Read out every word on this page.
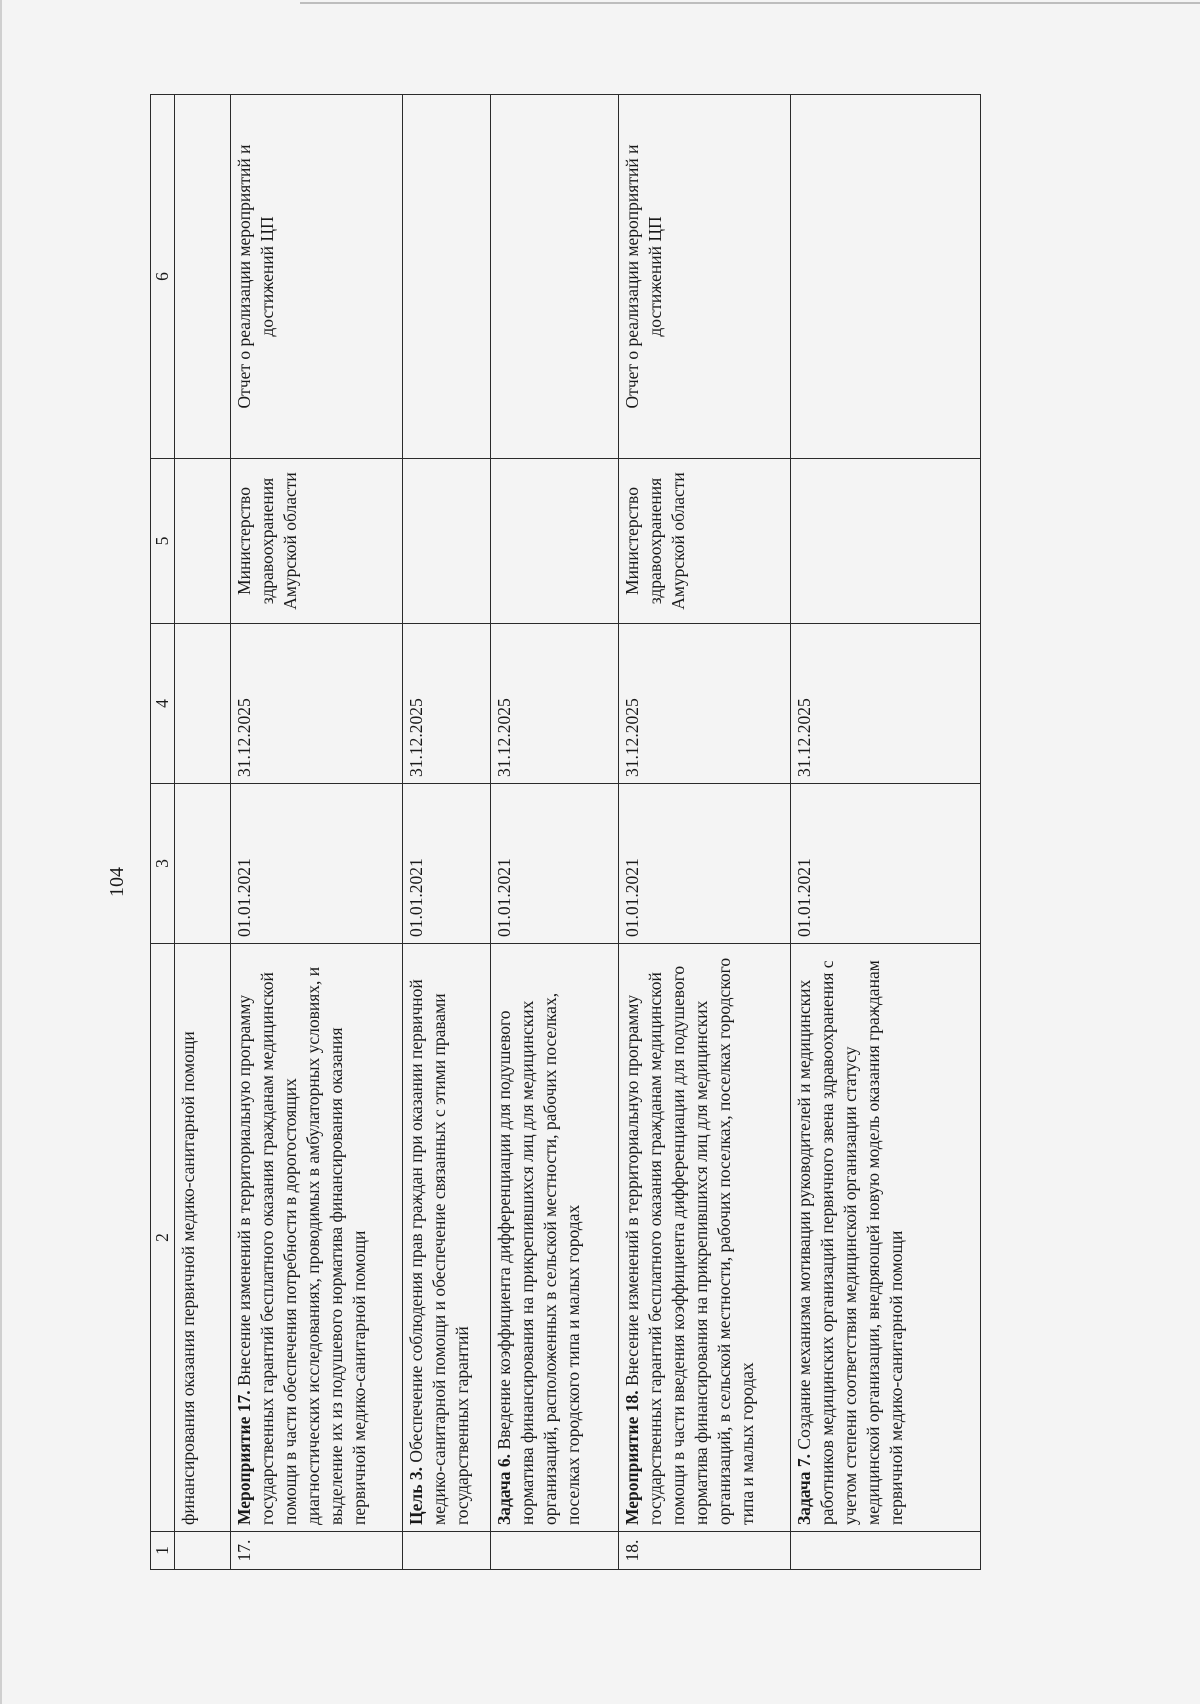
104
1	2	3	4	5	6
	финансирования оказания первичной медико-санитарной помощи				
17.	Мероприятие 17. Внесение изменений в территориальную программу государственных гарантий бесплатного оказания гражданам медицинской помощи в части обеспечения потребности в дорогостоящих диагностических исследованиях, проводимых в амбулаторных условиях, и выделение их из подушевого норматива финансирования оказания первичной медико-санитарной помощи	01.01.2021	31.12.2025	Министерство здравоохранения Амурской области	Отчет о реализации мероприятий и достижений ЦП
	Цель 3. Обеспечение соблюдения прав граждан при оказании первичной медико-санитарной помощи и обеспечение связанных с этими правами государственных гарантий	01.01.2021	31.12.2025		
	Задача 6. Введение коэффициента дифференциации для подушевого норматива финансирования на прикрепившихся лиц для медицинских организаций, расположенных в сельской местности, рабочих поселках, поселках городского типа и малых городах	01.01.2021	31.12.2025		
18.	Мероприятие 18. Внесение изменений в территориальную программу государственных гарантий бесплатного оказания гражданам медицинской помощи в части введения коэффициента дифференциации для подушевого норматива финансирования на прикрепившихся лиц для медицинских организаций, в сельской местности, рабочих поселках, поселках городского типа и малых городах	01.01.2021	31.12.2025	Министерство здравоохранения Амурской области	Отчет о реализации мероприятий и достижений ЦП
	Задача 7. Создание механизма мотивации руководителей и медицинских работников медицинских организаций первичного звена здравоохранения с учетом степени соответствия медицинской организации статусу медицинской организации, внедряющей новую модель оказания гражданам первичной медико-санитарной помощи	01.01.2021	31.12.2025		
